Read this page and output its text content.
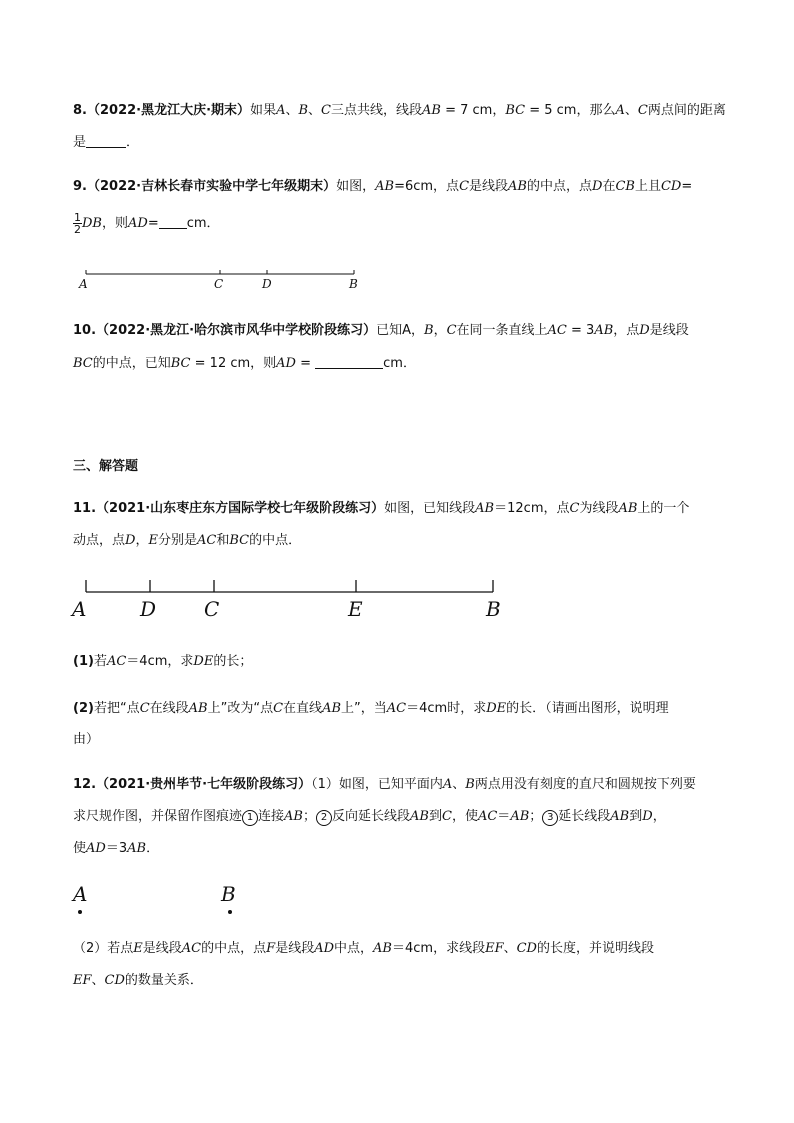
8.（2022·黑龙江大庆·期末）如果A、B、C三点共线，线段AB = 7 cm，BC = 5 cm，那么A、C两点间的距离
是	．
9.（2022·吉林长春市实验中学七年级期末）如图，AB=6cm，点C是线段AB的中点，点D在CB上且CD=
$\frac{1}{2}$ DB，则AD= cm．
A	C	D	B
A	D C	E	B
A	B
10.（2022·黑龙江·哈尔滨市风华中学校阶段练习）已知A，B，C在同一条直线上AC = 3AB，点D是线段
BC的中点，已知BC = 12 cm，则AD =	cm．
三、解答题
11.（2021·山东枣庄东方国际学校七年级阶段练习）如图，已知线段AB＝12cm，点C为线段AB上的一个
动点，点D，E分别是AC和BC的中点．
(1)若AC＝4cm，求DE的长；
(2)若把“点C在线段AB上”改为“点C在直线AB上”，当AC＝4cm时，求DE的长．（请画出图形，说明理
由）
12.（2021·贵州毕节·七年级阶段练习）（1）如图，已知平面内A、B两点用没有刻度的直尺和圆规按下列要
求尺规作图，并保留作图痕迹 1 连接AB； 2 反向延长线段AB到C，使AC＝AB； 3 延长线段AB到D，
使AD＝3AB．
（2）若点E是线段AC的中点，点F是线段AD中点，AB＝4cm，求线段EF、CD的长度，并说明线段
EF、CD的数量关系．
